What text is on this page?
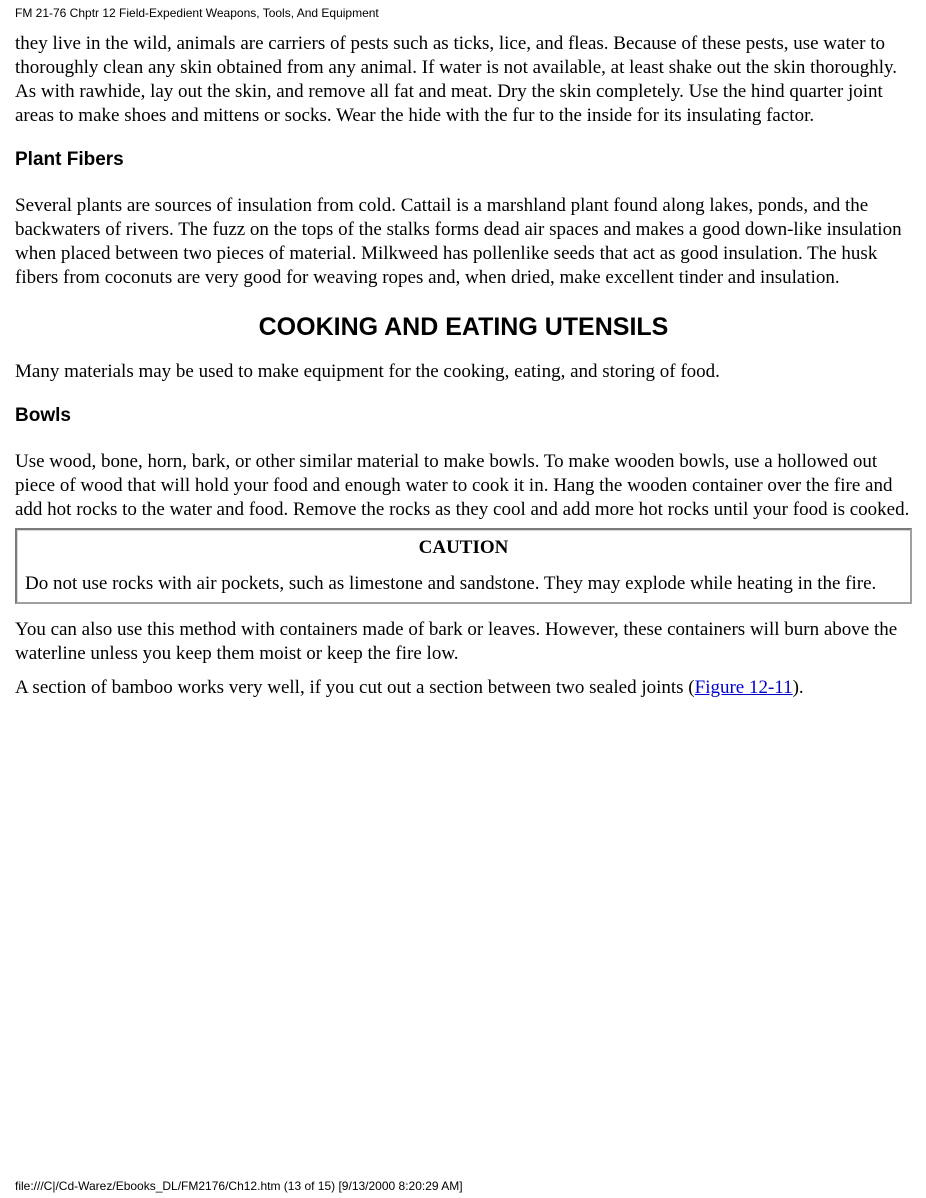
FM 21-76 Chptr 12 Field-Expedient Weapons, Tools, And Equipment

they live in the wild, animals are carriers of pests such as ticks, lice, and fleas. Because of these pests, use water to thoroughly clean any skin obtained from any animal. If water is not available, at least shake out the skin thoroughly. As with rawhide, lay out the skin, and remove all fat and meat. Dry the skin completely. Use the hind quarter joint areas to make shoes and mittens or socks. Wear the hide with the fur to the inside for its insulating factor.

Plant Fibers

Several plants are sources of insulation from cold. Cattail is a marshland plant found along lakes, ponds, and the backwaters of rivers. The fuzz on the tops of the stalks forms dead air spaces and makes a good down-like insulation when placed between two pieces of material. Milkweed has pollenlike seeds that act as good insulation. The husk fibers from coconuts are very good for weaving ropes and, when dried, make excellent tinder and insulation.

COOKING AND EATING UTENSILS

Many materials may be used to make equipment for the cooking, eating, and storing of food.

Bowls

Use wood, bone, horn, bark, or other similar material to make bowls. To make wooden bowls, use a hollowed out piece of wood that will hold your food and enough water to cook it in. Hang the wooden container over the fire and add hot rocks to the water and food. Remove the rocks as they cool and add more hot rocks until your food is cooked.

CAUTION

Do not use rocks with air pockets, such as limestone and sandstone. They may explode while heating in the fire.

You can also use this method with containers made of bark or leaves. However, these containers will burn above the waterline unless you keep them moist or keep the fire low.

A section of bamboo works very well, if you cut out a section between two sealed joints (Figure 12-11).

file:///C|/Cd-Warez/Ebooks_DL/FM2176/Ch12.htm (13 of 15) [9/13/2000 8:20:29 AM]
